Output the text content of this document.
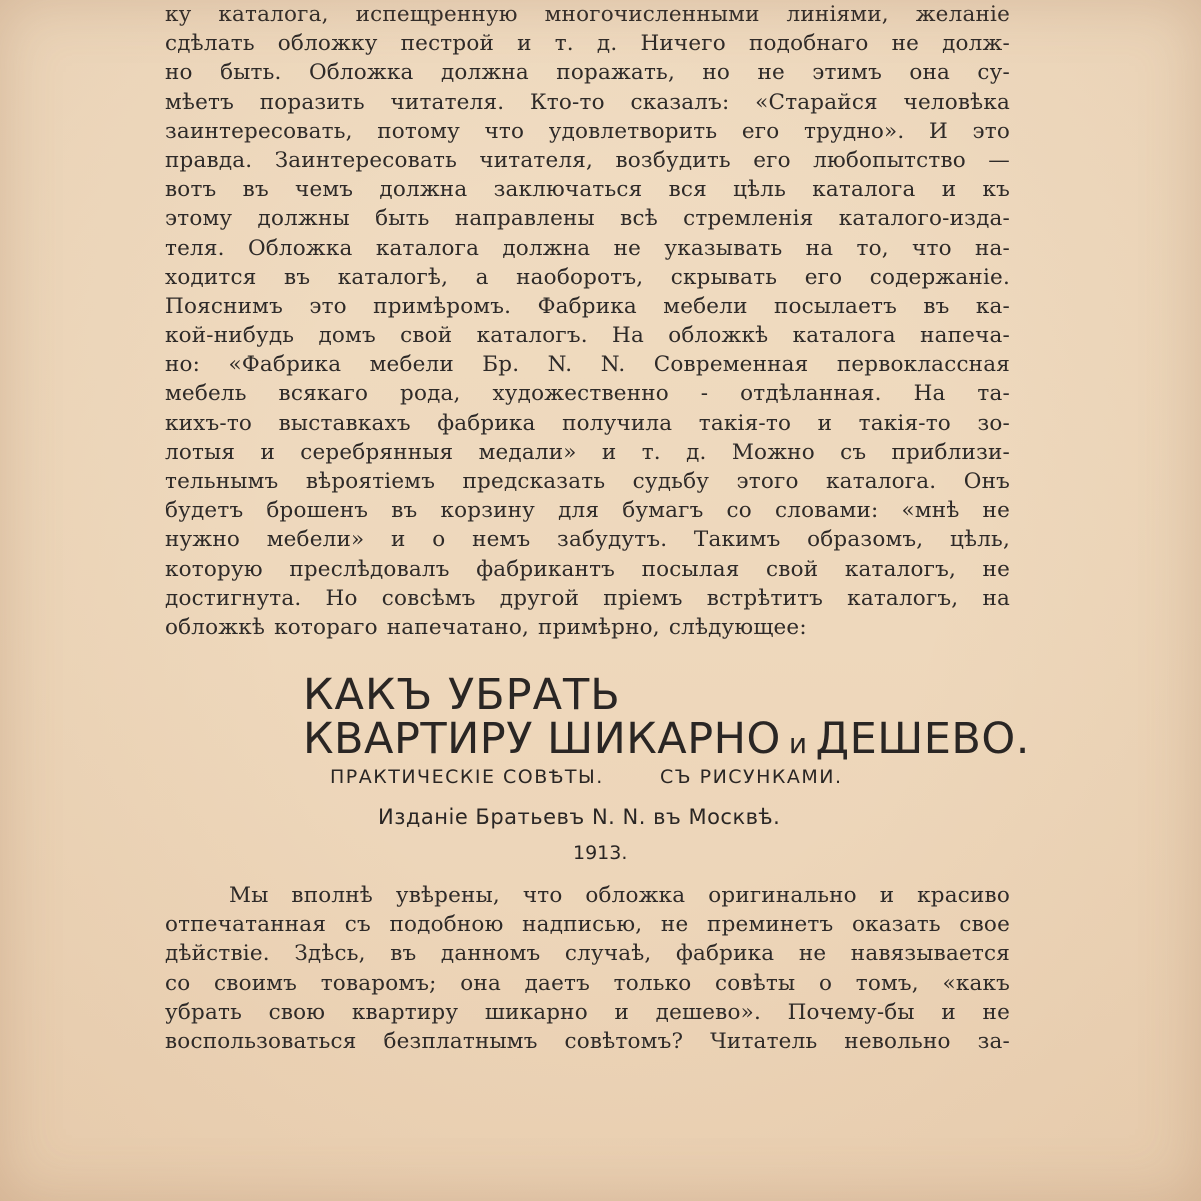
ку каталога, испещренную многочисленными линiями, желанiе
сдѣлать обложку пестрой и т. д. Ничего подобнаго не долж-
но быть. Обложка должна поражать, но не этимъ она су-
мѣетъ поразить читателя. Кто-то сказалъ: «Старайся человѣка
заинтересовать, потому что удовлетворить его трудно». И это
правда. Заинтересовать читателя, возбудить его любопытство —
вотъ въ чемъ должна заключаться вся цѣль каталога и къ
этому должны быть направлены всѣ стремленiя каталого-изда-
теля. Обложка каталога должна не указывать на то, что на-
ходится въ каталогѣ, а наоборотъ, скрывать его содержанiе.
Пояснимъ это примѣромъ. Фабрика мебели посылаетъ въ ка-
кой-нибудь домъ свой каталогъ. На обложкѣ каталога напеча-
но: «Фабрика мебели Бр. N. N. Современная первоклассная
мебель всякаго рода, художественно - отдѣланная. На та-
кихъ-то выставкахъ фабрика получила такiя-то и такiя-то зо-
лотыя и серебрянныя медали» и т. д. Можно съ приблизи-
тельнымъ вѣроятiемъ предсказать судьбу этого каталога. Онъ
будетъ брошенъ въ корзину для бумагъ со словами: «мнѣ не
нужно мебели» и о немъ забудутъ. Такимъ образомъ, цѣль,
которую преслѣдовалъ фабрикантъ посылая свой каталогъ, не
достигнута. Но совсѣмъ другой прiемъ встрѣтитъ каталогъ, на
обложкѣ котораго напечатано, примѣрно, слѣдующее:
КАКЪ УБРАТЬ
КВАРТИРУ ШИКАРНО и ДЕШЕВО.
ПРАКТИЧЕСКIЕ СОВѢТЫ.	СЪ РИСУНКАМИ.
Изданiе Братьевъ N. N. въ Москвѣ.
1913.
Мы вполнѣ увѣрены, что обложка оригинально и красиво
отпечатанная съ подобною надписью, не преминетъ оказать свое
дѣйствiе. Здѣсь, въ данномъ случаѣ, фабрика не навязывается
со своимъ товаромъ; она даетъ только совѣты о томъ, «какъ
убрать свою квартиру шикарно и дешево». Почему-бы и не
воспользоваться безплатнымъ совѣтомъ? Читатель невольно за-
